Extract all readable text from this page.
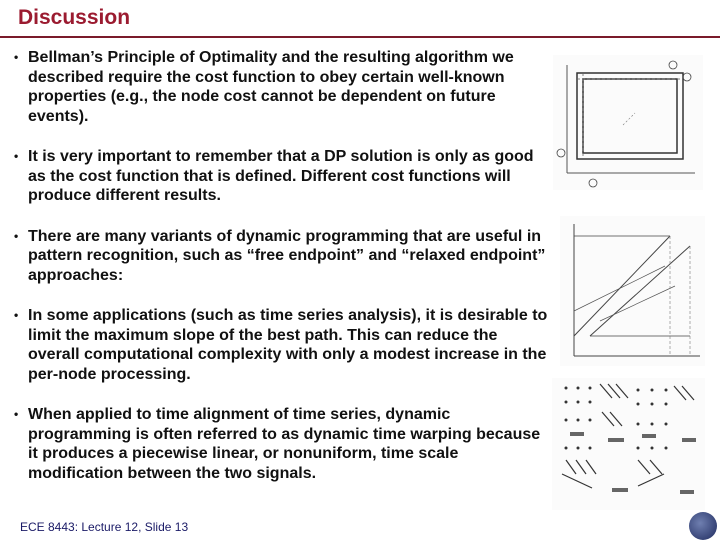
Discussion
• Bellman’s Principle of Optimality and the resulting algorithm we described require the cost function to obey certain well-known properties (e.g., the node cost cannot be dependent on future events).
• It is very important to remember that a DP solution is only as good as the cost function that is defined. Different cost functions will produce different results.
• There are many variants of dynamic programming that are useful in pattern recognition, such as “free endpoint” and “relaxed endpoint” approaches:
• In some applications (such as time series analysis), it is desirable to limit the maximum slope of the best path. This can reduce the overall computational complexity with only a modest increase in the per-node processing.
• When applied to time alignment of time series, dynamic programming is often referred to as dynamic time warping because it produces a piecewise linear, or nonuniform, time scale modification between the two signals.
ECE 8443: Lecture 12, Slide 13
